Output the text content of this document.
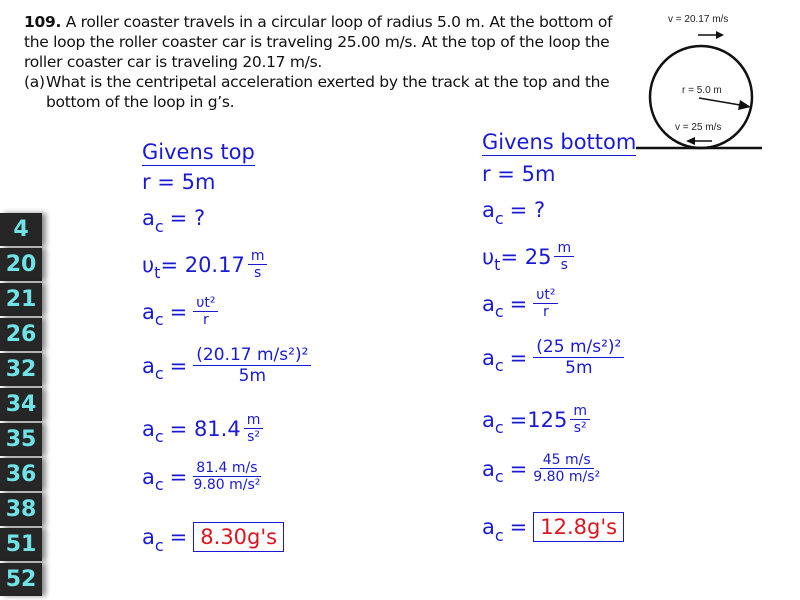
109. A roller coaster travels in a circular loop of radius 5.0 m. At the bottom of the loop the roller coaster car is traveling 25.00 m/s. At the top of the loop the roller coaster car is traveling 20.17 m/s.
(a) What is the centripetal acceleration exerted by the track at the top and the bottom of the loop in g’s.
v = 20.17 m/s
r = 5.0 m
v = 25 m/s
4
20
21
26
32
34
35
36
38
51
52
Givens top
r = 5m
a c = ?
υ $t = 20.17 \frac{m}{s}$
a $c = \frac{\text{υt²}}{r}$
a $c = \frac{\text{(20.17 m/s²)²}}{5m}$
a $c = 81.4 \frac{m}{\text{s²}}$
a $c = \frac{81.4 m/s}{\text{9.80 m/s²}}$
a c = 8.30g's
Givens bottom
r = 5m
a c = ?
υ $t = 25 \frac{m}{s}$
a $c = \frac{\text{υt²}}{r}$
a $c = \frac{\text{(25 m/s²)²}}{5m}$
a $c =125 \frac{m}{\text{s²}}$
a $c = \frac{45 m/s}{\text{9.80 m/s²}}$
a c = 12.8g's
